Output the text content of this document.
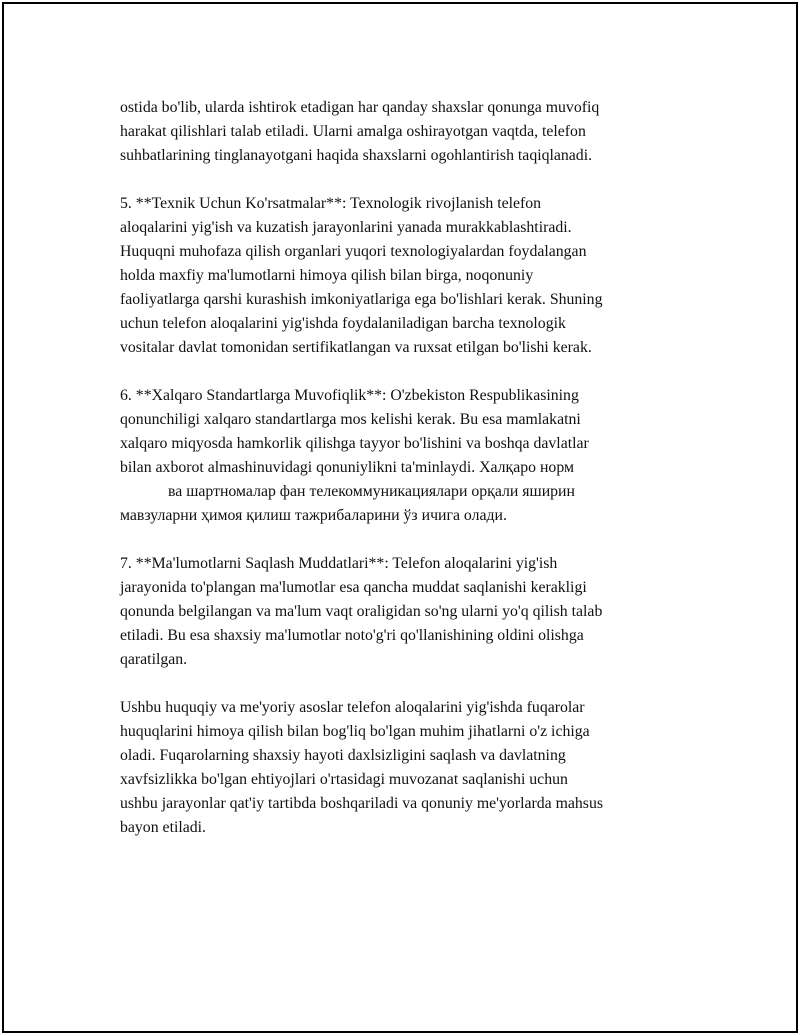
ostida bo'lib, ularda ishtirok etadigan har qanday shaxslar qonunga muvofiq
harakat qilishlari talab etiladi. Ularni amalga oshirayotgan vaqtda, telefon
suhbatlarining tinglanayotgani haqida shaxslarni ogohlantirish taqiqlanadi.

5. **Texnik Uchun Ko'rsatmalar**: Texnologik rivojlanish telefon
aloqalarini yig'ish va kuzatish jarayonlarini yanada murakkablashtiradi.
Huquqni muhofaza qilish organlari yuqori texnologiyalardan foydalangan
holda maxfiy ma'lumotlarni himoya qilish bilan birga, noqonuniy
faoliyatlarga qarshi kurashish imkoniyatlariga ega bo'lishlari kerak. Shuning
uchun telefon aloqalarini yig'ishda foydalaniladigan barcha texnologik
vositalar davlat tomonidan sertifikatlangan va ruxsat etilgan bo'lishi kerak.

6. **Xalqaro Standartlarga Muvofiqlik**: O'zbekiston Respublikasining
qonunchiligi xalqaro standartlarga mos kelishi kerak. Bu esa mamlakatni
xalqaro miqyosda hamkorlik qilishga tayyor bo'lishini va boshqa davlatlar
bilan axborot almashinuvidagi qonuniylikni ta'minlaydi. Халқаро норм
ва шартномалар фан телекоммуникациялари орқали яширин
мавзуларни ҳимоя қилиш тажрибаларини ўз ичига олади.

7. **Ma'lumotlarni Saqlash Muddatlari**: Telefon aloqalarini yig'ish
jarayonida to'plangan ma'lumotlar esa qancha muddat saqlanishi kerakligi
qonunda belgilangan va ma'lum vaqt oraligidan so'ng ularni yo'q qilish talab
etiladi. Bu esa shaxsiy ma'lumotlar noto'g'ri qo'llanishining oldini olishga
qaratilgan.

Ushbu huquqiy va me'yoriy asoslar telefon aloqalarini yig'ishda fuqarolar
huquqlarini himoya qilish bilan bog'liq bo'lgan muhim jihatlarni o'z ichiga
oladi. Fuqarolarning shaxsiy hayoti daxlsizligini saqlash va davlatning
xavfsizlikka bo'lgan ehtiyojlari o'rtasidagi muvozanat saqlanishi uchun
ushbu jarayonlar qat'iy tartibda boshqariladi va qonuniy me'yorlarda mahsus
bayon etiladi.
